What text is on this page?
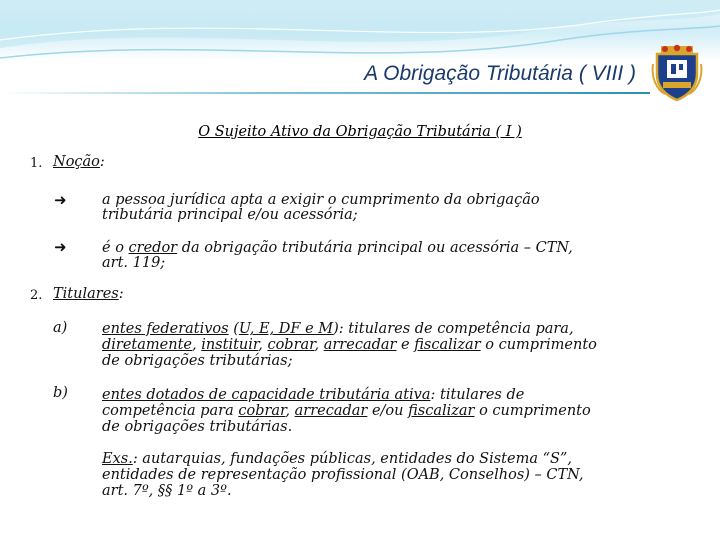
A Obrigação Tributária ( VIII )
O Sujeito Ativo da Obrigação Tributária ( I )
1. Noção:
➜ a pessoa jurídica apta a exigir o cumprimento da obrigação
tributária principal e/ou acessória;
➜ é o credor da obrigação tributária principal ou acessória – CTN,
art. 119;
2. Titulares:
a) entes federativos (U, E, DF e M): titulares de competência para,
diretamente, instituir, cobrar, arrecadar e fiscalizar o cumprimento
de obrigações tributárias;
b) entes dotados de capacidade tributária ativa: titulares de
competência para cobrar, arrecadar e/ou fiscalizar o cumprimento
de obrigações tributárias.
Exs.: autarquias, fundações públicas, entidades do Sistema “S”,
entidades de representação profissional (OAB, Conselhos) – CTN,
art. 7º, §§ 1º a 3º.
